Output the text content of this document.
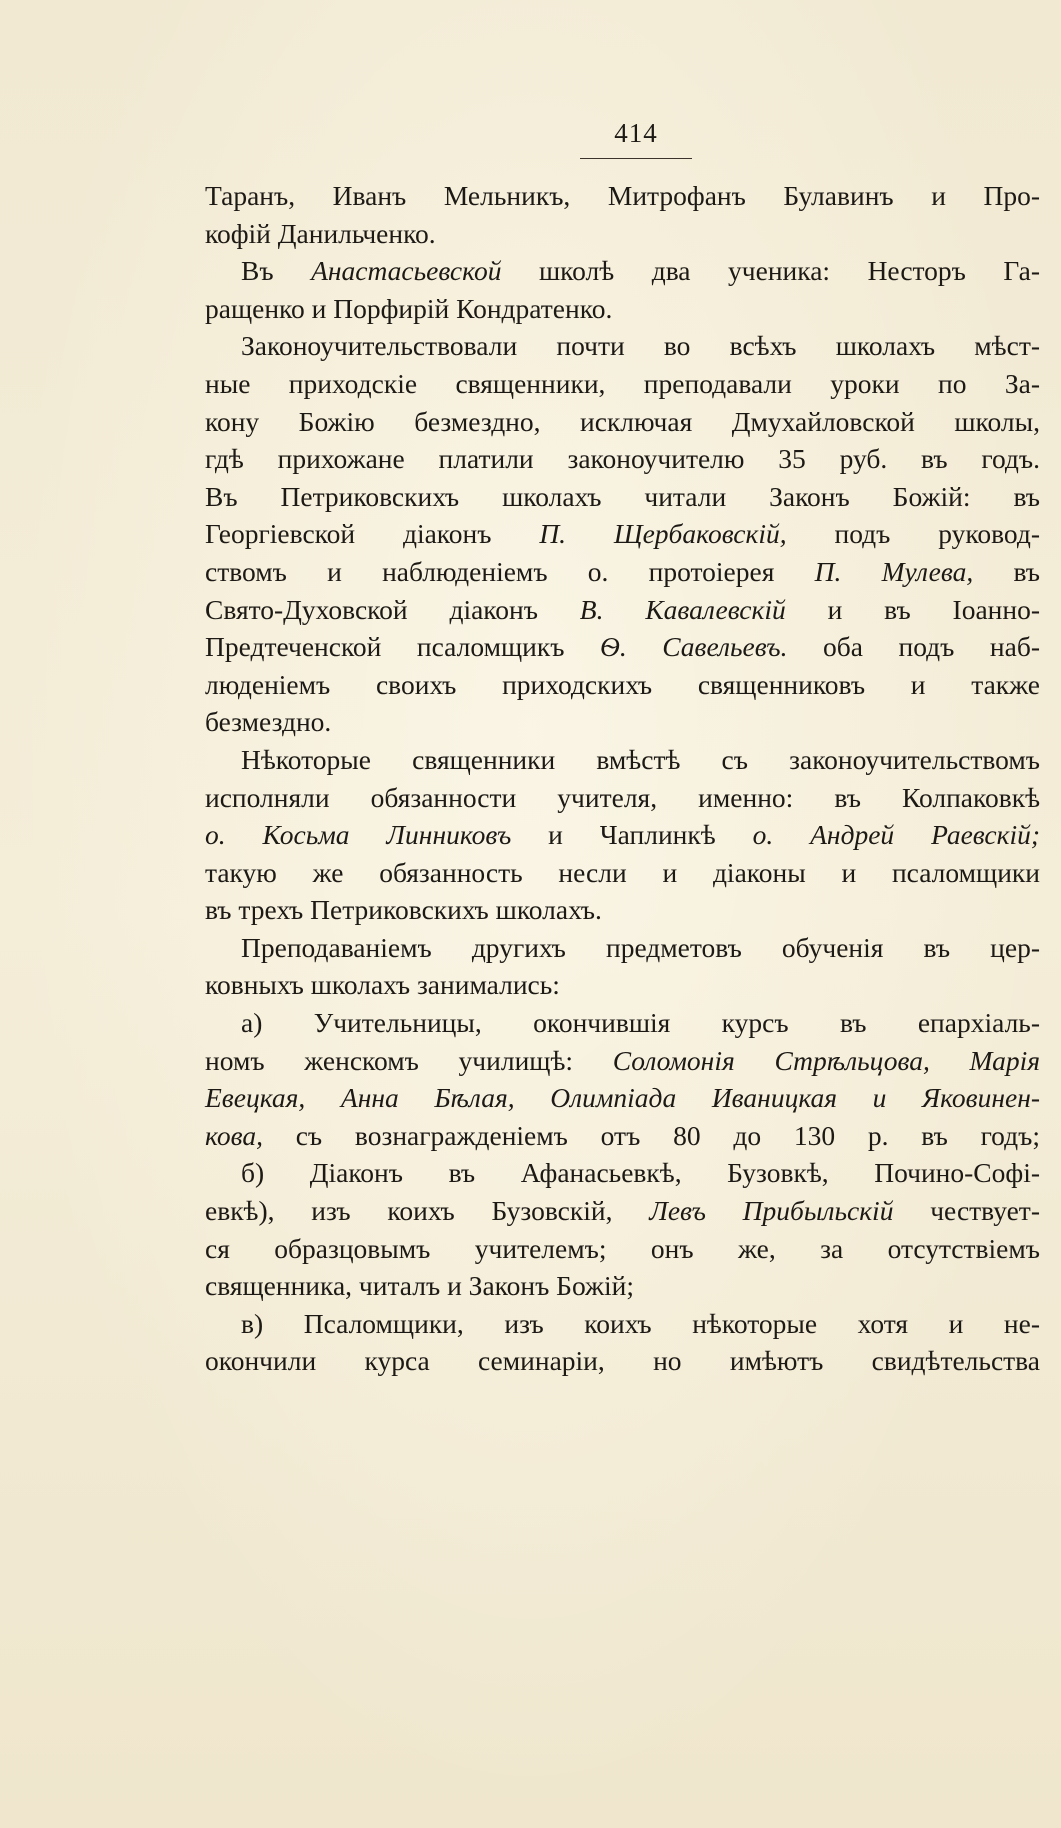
414
Таранъ, Иванъ Мельникъ, Митрофанъ Булавинъ и Про-
кофій Данильченко.
Въ Анастасьевской школѣ два ученика: Несторъ Га-
ращенко и Порфирій Кондратенко.
Законоучительствовали почти во всѣхъ школахъ мѣст-
ные приходскіе священники, преподавали уроки по За-
кону Божію безмездно, исключая Дмухайловской школы,
гдѣ прихожане платили законоучителю 35 руб. въ годъ.
Въ Петриковскихъ школахъ читали Законъ Божій: въ
Георгіевской діаконъ П. Щербаковскій, подъ руковод-
ствомъ и наблюденіемъ о. протоіерея П. Мулева, въ
Свято-Духовской діаконъ В. Кавалевскій и въ Іоанно-
Предтеченской псаломщикъ Ѳ. Савельевъ. оба подъ наб-
людeніемъ своихъ приходскихъ священниковъ и также
безмездно.
Нѣкоторые священники вмѣстѣ съ законоучительствомъ
исполняли обязанности учителя, именно: въ Колпаковкѣ
о. Косьма Линниковъ и Чаплинкѣ о. Андрей Раевскій;
такую же обязанность несли и діаконы и псаломщики
въ трехъ Петриковскихъ школахъ.
Преподаваніемъ другихъ предметовъ обученія въ цер-
ковныхъ школахъ занимались:
а) Учительницы, окончившія курсъ въ епархіаль-
номъ женскомъ училищѣ: Соломонія Стрѣльцова, Марія
Евецкая, Анна Бѣлая, Олимпіада Иваницкая и Яковинен-
кова, съ вознагражденіемъ отъ 80 до 130 р. въ годъ;
б) Діаконъ въ Афанасьевкѣ, Бузовкѣ, Почино-Софі-
евкѣ), изъ коихъ Бузовскій, Левъ Прибыльскій чествует-
ся образцовымъ учителемъ; онъ же, за отсутствіемъ
священника, читалъ и Законъ Божій;
в) Псаломщики, изъ коихъ нѣкоторые хотя и не-
окончили курса семинаріи, но имѣютъ свидѣтельства
